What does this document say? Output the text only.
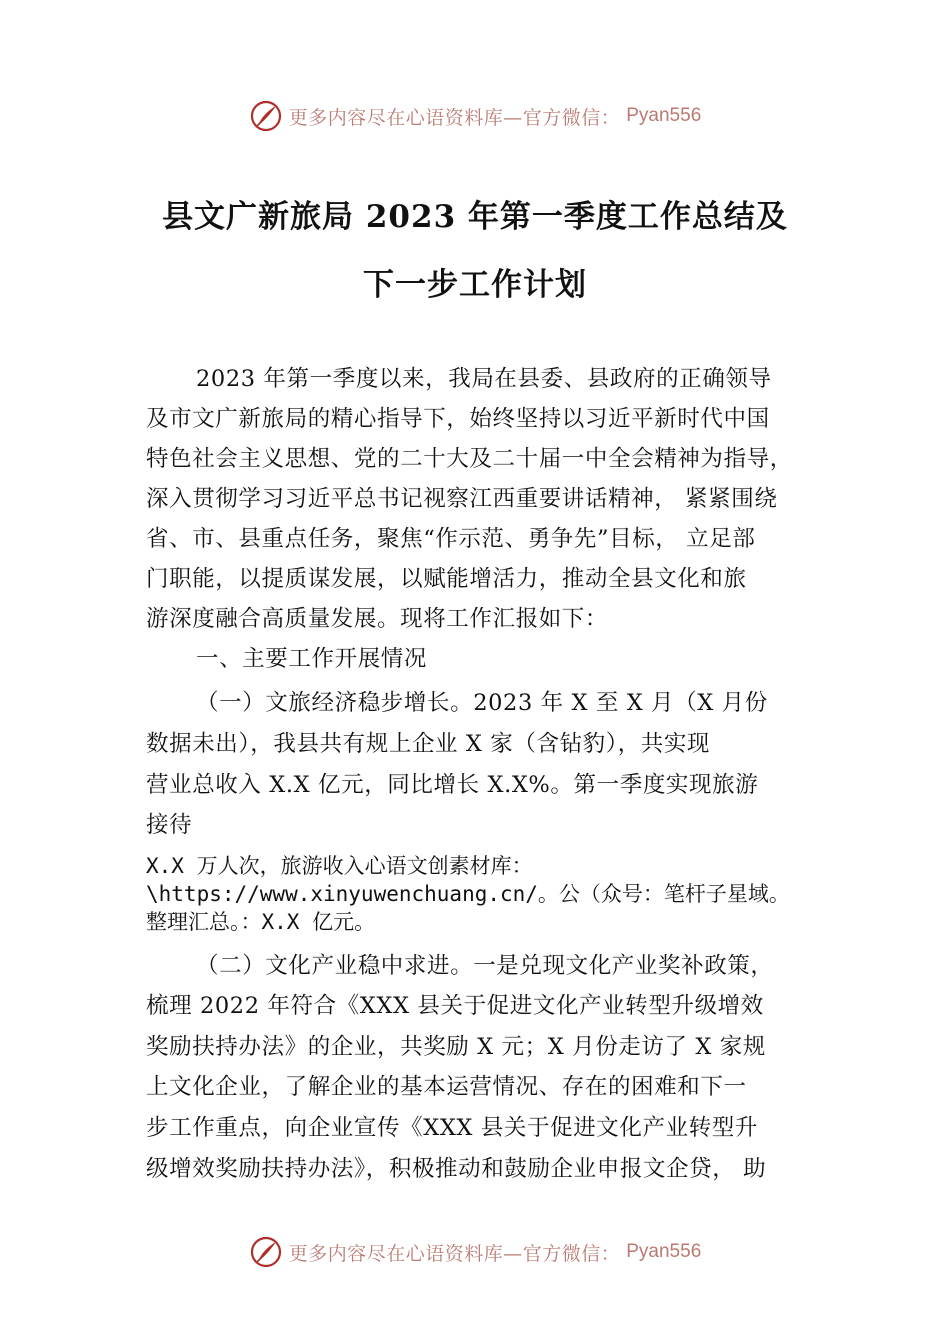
更多内容尽在心语资料库—官方微信： Pyan556
县文广新旅局 2023 年第一季度工作总结及
下一步工作计划
2023 年第一季度以来，我局在县委、县政府的正确领导
及市文广新旅局的精心指导下，始终坚持以习近平新时代中国
特色社会主义思想、党的二十大及二十届一中全会精神为指导，
深入贯彻学习习近平总书记视察江西重要讲话精神， 紧紧围绕
省、市、县重点任务，聚焦“作示范、勇争先”目标， 立足部
门职能，以提质谋发展，以赋能增活力，推动全县文化和旅
游深度融合高质量发展。现将工作汇报如下：
一、主要工作开展情况
（一）文旅经济稳步增长。2023 年 X 至 X 月（X 月份
数据未出），我县共有规上企业 X 家（含钻豹），共实现
营业总收入 X.X 亿元，同比增长 X.X%。第一季度实现旅游
接待
X.X 万人次，旅游收入心语文创素材库：
\https://www.xinyuwenchuang.cn/。公（众号：笔杆子星域。
整理汇总。：X.X 亿元。
（二）文化产业稳中求进。一是兑现文化产业奖补政策，
梳理 2022 年符合《XXX 县关于促进文化产业转型升级增效
奖励扶持办法》的企业，共奖励 X 元；X 月份走访了 X 家规
上文化企业，了解企业的基本运营情况、存在的困难和下一
步工作重点，向企业宣传《XXX 县关于促进文化产业转型升
级增效奖励扶持办法》，积极推动和鼓励企业申报文企贷， 助
更多内容尽在心语资料库—官方微信： Pyan556
